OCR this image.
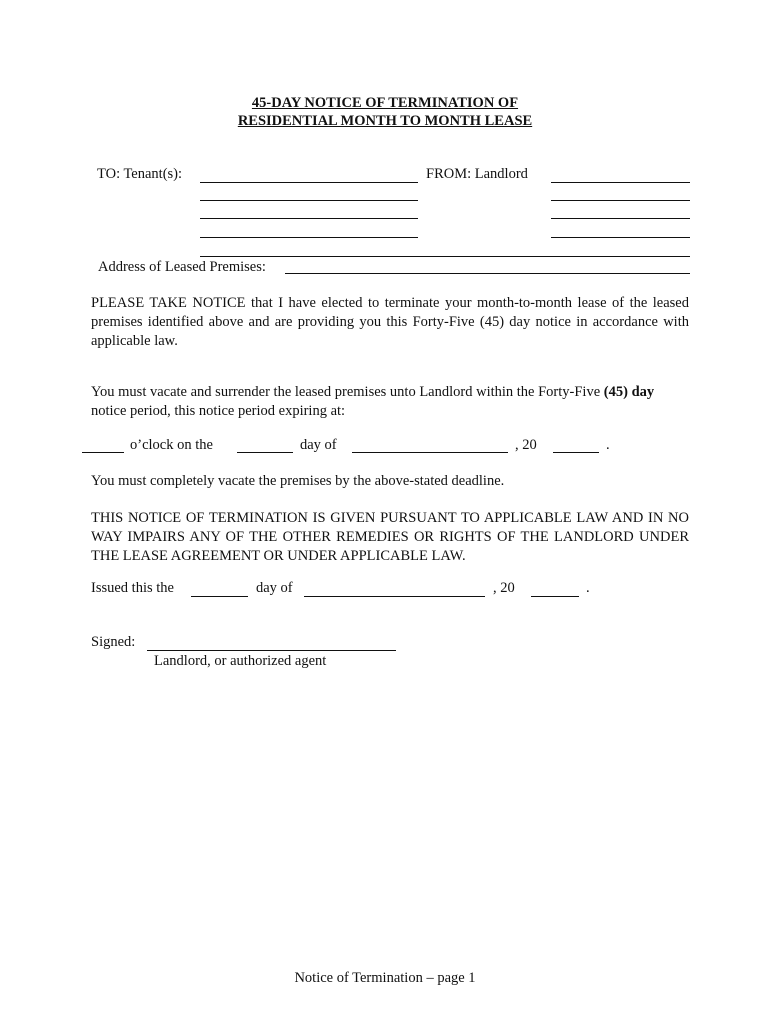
45-DAY NOTICE OF TERMINATION OF
RESIDENTIAL MONTH TO MONTH LEASE
TO: Tenant(s):	FROM: Landlord
Address of Leased Premises:
PLEASE TAKE NOTICE that I have elected to terminate your month-to-month lease of the leased premises identified above and are providing you this Forty-Five (45) day notice in accordance with applicable law.
You must vacate and surrender the leased premises unto Landlord within the Forty-Five (45) day
notice period, this notice period expiring at:
o’clock on the	day of	, 20	.
You must completely vacate the premises by the above-stated deadline.
THIS NOTICE OF TERMINATION IS GIVEN PURSUANT TO APPLICABLE LAW AND IN NO WAY IMPAIRS ANY OF THE OTHER REMEDIES OR RIGHTS OF THE LANDLORD UNDER THE LEASE AGREEMENT OR UNDER APPLICABLE LAW.
Issued this the	day of	, 20	.
Signed:
Landlord, or authorized agent
Notice of Termination – page 1
